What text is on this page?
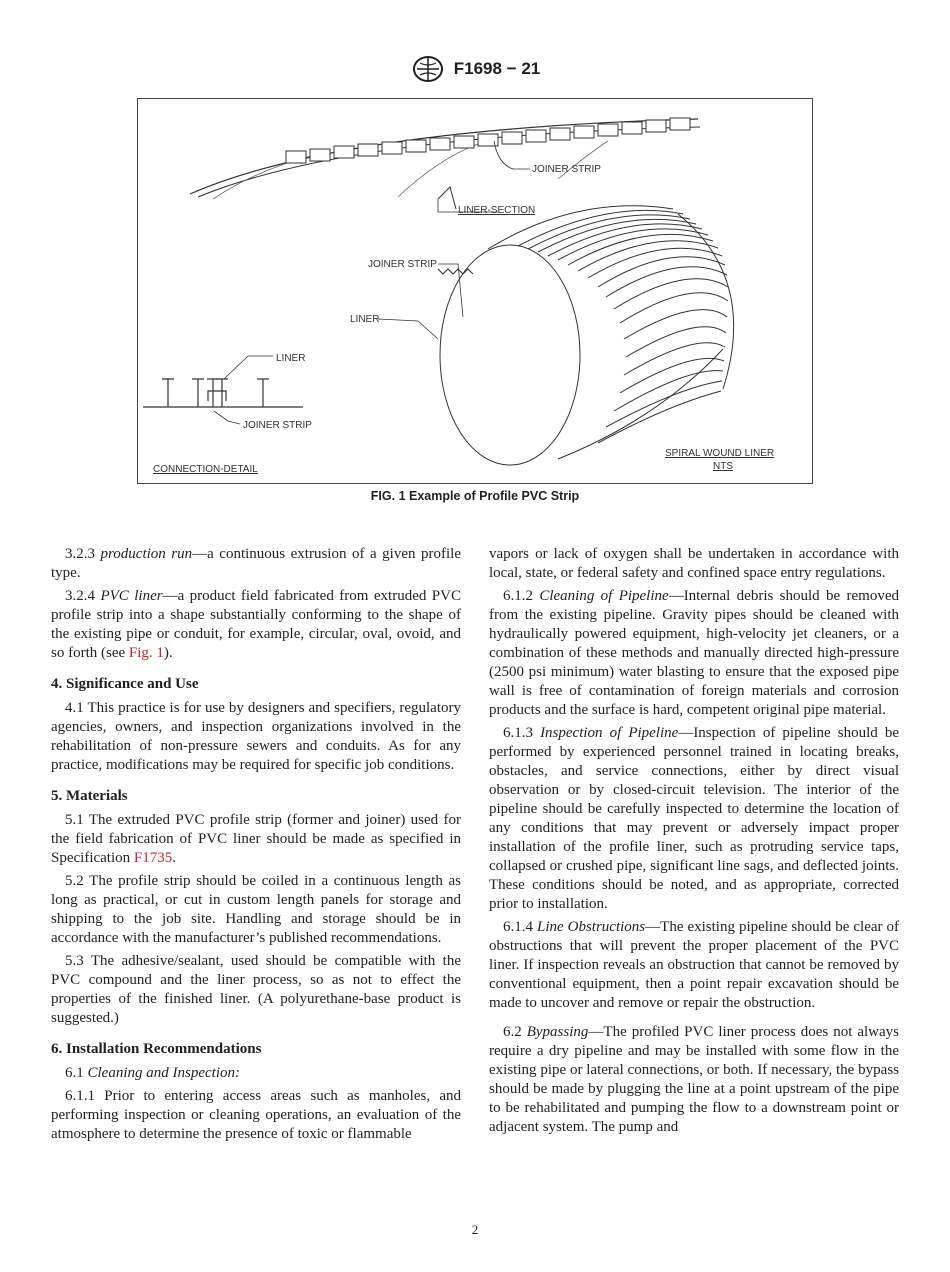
F1698 − 21
JOINER STRIP
LINER-SECTION
JOINER STRIP
LINER
LINER
JOINER STRIP
CONNECTION-DETAIL
SPIRAL WOUND LINER
NTS
FIG. 1 Example of Profile PVC Strip

3.2.3 production run—a continuous extrusion of a given profile type.

3.2.4 PVC liner—a product field fabricated from extruded PVC profile strip into a shape substantially conforming to the shape of the existing pipe or conduit, for example, circular, oval, ovoid, and so forth (see Fig. 1).

4. Significance and Use

4.1 This practice is for use by designers and specifiers, regulatory agencies, owners, and inspection organizations involved in the rehabilitation of non-pressure sewers and conduits. As for any practice, modifications may be required for specific job conditions.

5. Materials

5.1 The extruded PVC profile strip (former and joiner) used for the field fabrication of PVC liner should be made as specified in Specification F1735.

5.2 The profile strip should be coiled in a continuous length as long as practical, or cut in custom length panels for storage and shipping to the job site. Handling and storage should be in accordance with the manufacturer’s published recommendations.

5.3 The adhesive/sealant, used should be compatible with the PVC compound and the liner process, so as not to effect the properties of the finished liner. (A polyurethane-base product is suggested.)

6. Installation Recommendations

6.1 Cleaning and Inspection:

6.1.1 Prior to entering access areas such as manholes, and performing inspection or cleaning operations, an evaluation of the atmosphere to determine the presence of toxic or flammable

vapors or lack of oxygen shall be undertaken in accordance with local, state, or federal safety and confined space entry regulations.

6.1.2 Cleaning of Pipeline—Internal debris should be removed from the existing pipeline. Gravity pipes should be cleaned with hydraulically powered equipment, high-velocity jet cleaners, or a combination of these methods and manually directed high-pressure (2500 psi minimum) water blasting to ensure that the exposed pipe wall is free of contamination of foreign materials and corrosion products and the surface is hard, competent original pipe material.

6.1.3 Inspection of Pipeline—Inspection of pipeline should be performed by experienced personnel trained in locating breaks, obstacles, and service connections, either by direct visual observation or by closed-circuit television. The interior of the pipeline should be carefully inspected to determine the location of any conditions that may prevent or adversely impact proper installation of the profile liner, such as protruding service taps, collapsed or crushed pipe, significant line sags, and deflected joints. These conditions should be noted, and as appropriate, corrected prior to installation.

6.1.4 Line Obstructions—The existing pipeline should be clear of obstructions that will prevent the proper placement of the PVC liner. If inspection reveals an obstruction that cannot be removed by conventional equipment, then a point repair excavation should be made to uncover and remove or repair the obstruction.

6.2 Bypassing—The profiled PVC liner process does not always require a dry pipeline and may be installed with some flow in the existing pipe or lateral connections, or both. If necessary, the bypass should be made by plugging the line at a point upstream of the pipe to be rehabilitated and pumping the flow to a downstream point or adjacent system. The pump and

2
